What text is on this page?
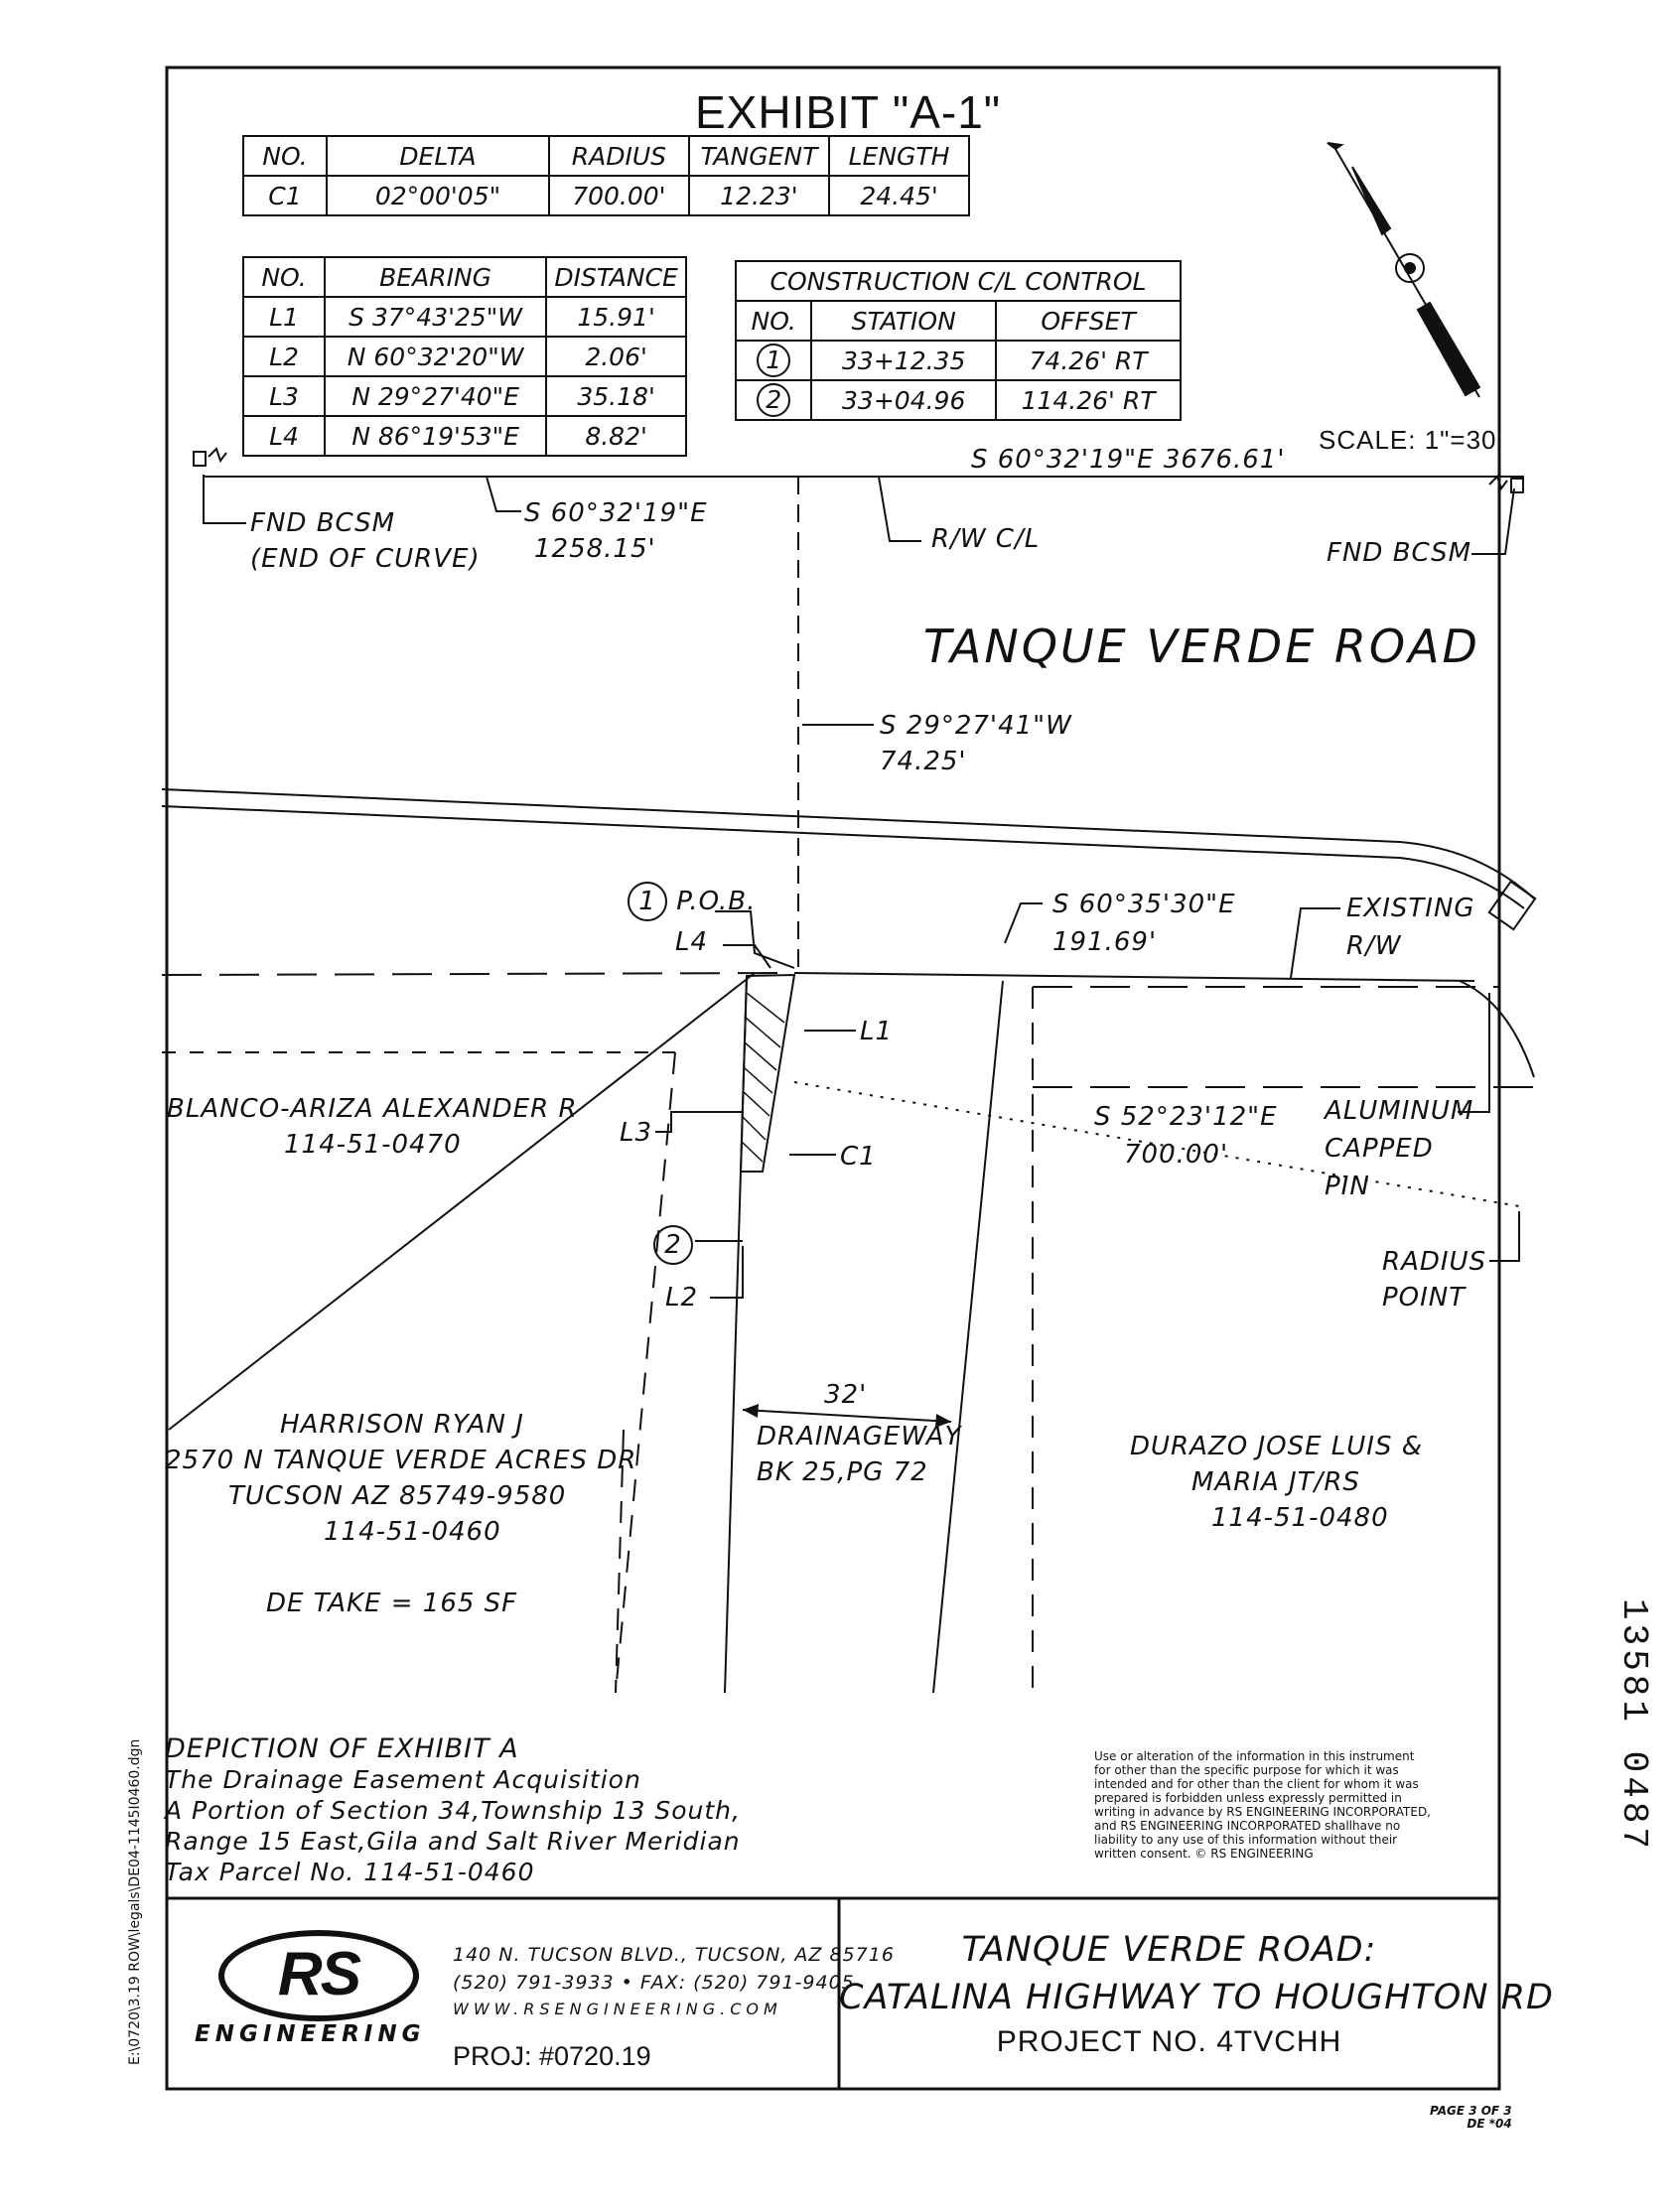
EXHIBIT "A-1"
NO.	DELTA	RADIUS	TANGENT	LENGTH
C1	02°00'05"	700.00'	12.23'	24.45'
NO.	BEARING	DISTANCE
L1	S 37°43'25"W	15.91'
L2	N 60°32'20"W	2.06'
L3	N 29°27'40"E	35.18'
L4	N 86°19'53"E	8.82'
CONSTRUCTION C/L CONTROL		
NO.	STATION	OFFSET
1	33+12.35	74.26' RT
2	33+04.96	114.26' RT
SCALE: 1"=30'
S 60°32'19"E 3676.61'
FND BCSM
(END OF CURVE)
S 60°32'19"E
1258.15'	R/W C/L	FND BCSM
TANQUE VERDE ROAD
S 29°27'41"W
74.25'
1 P.O.B.
L4
S 60°35'30"E
191.69'
EXISTING
R/W
L1
BLANCO-ARIZA ALEXANDER R
114-51-0470	L3
C1
S 52°23'12"E
700.00'
ALUMINUM
CAPPED
PIN
2
L2
RADIUS
POINT
32'
DRAINAGEWAY
BK 25,PG 72
HARRISON RYAN J
2570 N TANQUE VERDE ACRES DR
TUCSON AZ 85749-9580
114-51-0460
DE TAKE = 165 SF
DURAZO JOSE LUIS &
MARIA JT/RS
114-51-0480
DEPICTION OF EXHIBIT A
The Drainage Easement Acquisition
A Portion of Section 34,Township 13 South,
Range 15 East,Gila and Salt River Meridian
Tax Parcel No. 114-51-0460
Use or alteration of the information in this instrument
for other than the specific purpose for which it was
intended and for other than the client for whom it was
prepared is forbidden unless expressly permitted in
writing in advance by RS ENGINEERING INCORPORATED,
and RS ENGINEERING INCORPORATED shallhave no
liability to any use of this information without their
written consent. © RS ENGINEERING
RS
ENGINEERING
140 N. TUCSON BLVD., TUCSON, AZ 85716
(520) 791-3933 • FAX: (520) 791-9405
WWW.RSENGINEERING.COM
PROJ: #0720.19
TANQUE VERDE ROAD:
CATALINA HIGHWAY TO HOUGHTON RD
PROJECT NO. 4TVCHH
E:\0720\3.19 ROW\legals\DE04-1145I0460.dgn
13581 0487
PAGE 3 OF 3
DE *04
